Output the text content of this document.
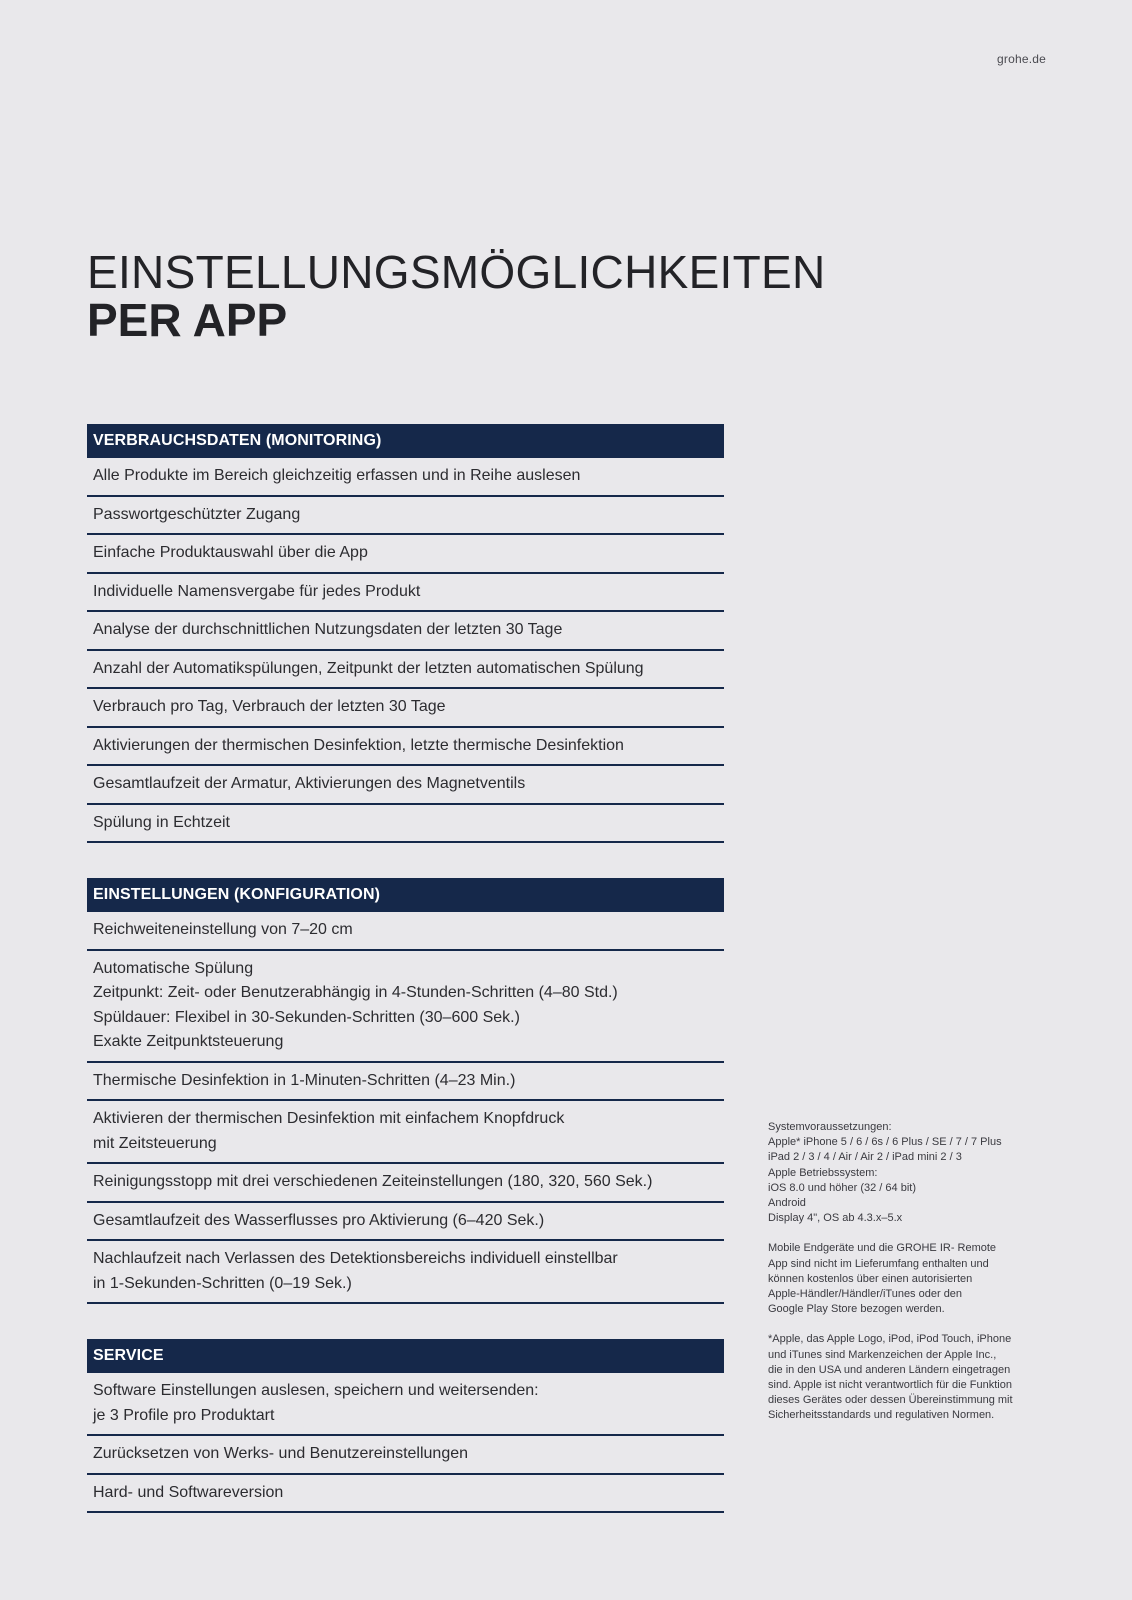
grohe.de
EINSTELLUNGSMÖGLICHKEITEN
PER APP
VERBRAUCHSDATEN (MONITORING)
Alle Produkte im Bereich gleichzeitig erfassen und in Reihe auslesen
Passwortgeschützter Zugang
Einfache Produktauswahl über die App
Individuelle Namensvergabe für jedes Produkt
Analyse der durchschnittlichen Nutzungsdaten der letzten 30 Tage
Anzahl der Automatikspülungen, Zeitpunkt der letzten automatischen Spülung
Verbrauch pro Tag, Verbrauch der letzten 30 Tage
Aktivierungen der thermischen Desinfektion, letzte thermische Desinfektion
Gesamtlaufzeit der Armatur, Aktivierungen des Magnetventils
Spülung in Echtzeit
EINSTELLUNGEN (KONFIGURATION)
Reichweiteneinstellung von 7–20 cm
Automatische Spülung
Zeitpunkt: Zeit- oder Benutzerabhängig in 4-Stunden-Schritten (4–80 Std.)
Spüldauer: Flexibel in 30-Sekunden-Schritten (30–600 Sek.)
Exakte Zeitpunktsteuerung
Thermische Desinfektion in 1-Minuten-Schritten (4–23 Min.)
Aktivieren der thermischen Desinfektion mit einfachem Knopfdruck
mit Zeitsteuerung
Reinigungsstopp mit drei verschiedenen Zeiteinstellungen (180, 320, 560 Sek.)
Gesamtlaufzeit des Wasserflusses pro Aktivierung (6–420 Sek.)
Nachlaufzeit nach Verlassen des Detektionsbereichs individuell einstellbar
in 1-Sekunden-Schritten (0–19 Sek.)
SERVICE
Software Einstellungen auslesen, speichern und weitersenden:
je 3 Profile pro Produktart
Zurücksetzen von Werks- und Benutzereinstellungen
Hard- und Softwareversion

Systemvoraussetzungen:
Apple* iPhone 5 / 6 / 6s / 6 Plus / SE / 7 / 7 Plus
iPad 2 / 3 / 4 / Air / Air 2 / iPad mini 2 / 3
Apple Betriebssystem:
iOS 8.0 und höher (32 / 64 bit)
Android
Display 4", OS ab 4.3.x–5.x

Mobile Endgeräte und die GROHE IR- Remote
App sind nicht im Lieferumfang enthalten und
können kostenlos über einen autorisierten
Apple-Händler/Händler/iTunes oder den
Google Play Store bezogen werden.

*Apple, das Apple Logo, iPod, iPod Touch, iPhone
und iTunes sind Markenzeichen der Apple Inc.,
die in den USA und anderen Ländern eingetragen
sind. Apple ist nicht verantwortlich für die Funktion
dieses Gerätes oder dessen Übereinstimmung mit
Sicherheitsstandards und regulativen Normen.
